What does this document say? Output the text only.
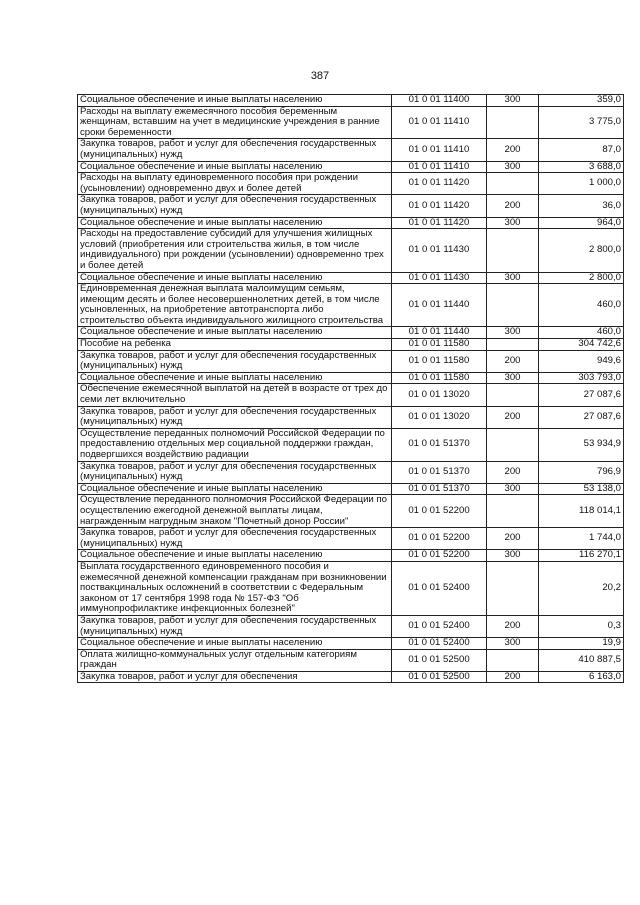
387
Социальное обеспечение и иные выплаты населению	01 0 01 11400	300	359,0
Расходы на выплату ежемесячного пособия беременным женщинам, вставшим на учет в медицинские учреждения в ранние сроки беременности	01 0 01 11410		3 775,0
Закупка товаров, работ и услуг для обеспечения государственных (муниципальных) нужд	01 0 01 11410	200	87,0
Социальное обеспечение и иные выплаты населению	01 0 01 11410	300	3 688,0
Расходы на выплату единовременного пособия при рождении (усыновлении) одновременно двух и более детей	01 0 01 11420		1 000,0
Закупка товаров, работ и услуг для обеспечения государственных (муниципальных) нужд	01 0 01 11420	200	36,0
Социальное обеспечение и иные выплаты населению	01 0 01 11420	300	964,0
Расходы на предоставление субсидий для улучшения жилищных условий (приобретения или строительства жилья, в том числе индивидуального) при рождении (усыновлении) одновременно трех и более детей	01 0 01 11430		2 800,0
Социальное обеспечение и иные выплаты населению	01 0 01 11430	300	2 800,0
Единовременная денежная выплата малоимущим семьям, имеющим десять и более несовершеннолетних детей, в том числе усыновленных, на приобретение автотранспорта либо строительство объекта индивидуального жилищного строительства	01 0 01 11440		460,0
Социальное обеспечение и иные выплаты населению	01 0 01 11440	300	460,0
Пособие на ребенка	01 0 01 11580		304 742,6
Закупка товаров, работ и услуг для обеспечения государственных (муниципальных) нужд	01 0 01 11580	200	949,6
Социальное обеспечение и иные выплаты населению	01 0 01 11580	300	303 793,0
Обеспечение ежемесячной выплатой на детей в возрасте от трех до семи лет включительно	01 0 01 13020		27 087,6
Закупка товаров, работ и услуг для обеспечения государственных (муниципальных) нужд	01 0 01 13020	200	27 087,6
Осуществление переданных полномочий Российской Федерации по предоставлению отдельных мер социальной поддержки граждан, подвергшихся воздействию радиации	01 0 01 51370		53 934,9
Закупка товаров, работ и услуг для обеспечения государственных (муниципальных) нужд	01 0 01 51370	200	796,9
Социальное обеспечение и иные выплаты населению	01 0 01 51370	300	53 138,0
Осуществление переданного полномочия Российской Федерации по осуществлению ежегодной денежной выплаты лицам, награжденным нагрудным знаком "Почетный донор России"	01 0 01 52200		118 014,1
Закупка товаров, работ и услуг для обеспечения государственных (муниципальных) нужд	01 0 01 52200	200	1 744,0
Социальное обеспечение и иные выплаты населению	01 0 01 52200	300	116 270,1
Выплата государственного единовременного пособия и ежемесячной денежной компенсации гражданам при возникновении поствакцинальных осложнений в соответствии с Федеральным законом от 17 сентября 1998 года № 157-ФЗ "Об иммунопрофилактике инфекционных болезней"	01 0 01 52400		20,2
Закупка товаров, работ и услуг для обеспечения государственных (муниципальных) нужд	01 0 01 52400	200	0,3
Социальное обеспечение и иные выплаты населению	01 0 01 52400	300	19,9
Оплата жилищно-коммунальных услуг отдельным категориям граждан	01 0 01 52500		410 887,5
Закупка товаров, работ и услуг для обеспечения	01 0 01 52500	200	6 163,0
